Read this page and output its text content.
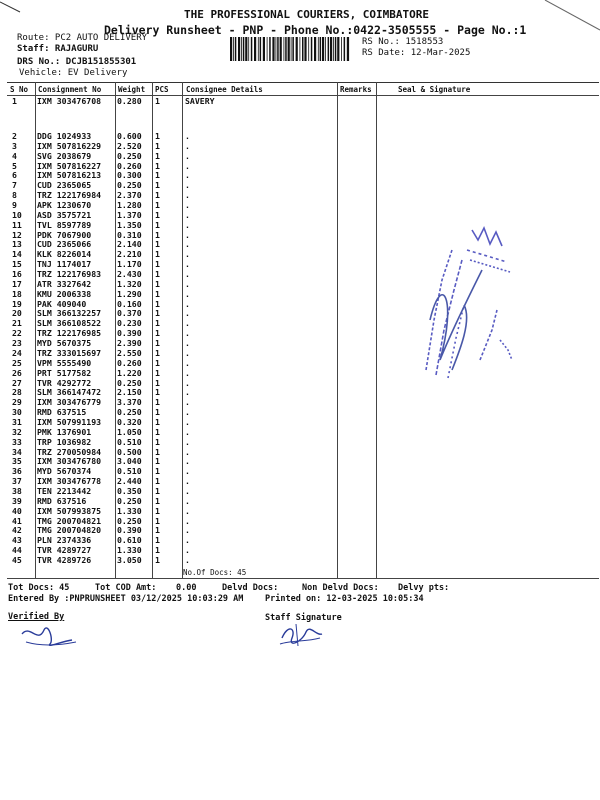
THE PROFESSIONAL COURIERS, COIMBATORE
Delivery Runsheet - PNP - Phone No.:0422-3505555 - Page No.:1
Route: PC2 AUTO DELIVERY
Staff: RAJAGURU
DRS No.: DCJB151855301
Vehicle: EV Delivery
RS No.: 1518553
RS Date: 12-Mar-2025
S No Consignment No Weight PCS Consignee Details	Remarks	Seal & Signature
1 IXM 303476708 0.280 1	SAVERY
2 DDG 1024933	0.600 1	.
3 IXM 507816229 2.520 1	.
4 SVG 2038679	0.250 1	.
5 IXM 507816227 0.260 1	.
6 IXM 507816213 0.300 1	.
7 CUD 2365065	0.250 1	.
8 TRZ 122176984 2.370 1	.
9 APK 1230670	1.280 1	.
10 ASD 3575721	1.370 1	.
11 TVL 8597789	1.350 1	.
12 PDK 7067900	0.310 1	.
13 CUD 2365066	2.140 1	.
14 KLK 8226014	2.210 1	.
15 TNJ 1174017	1.170 1	.
16 TRZ 122176983 2.430 1	.
17 ATR 3327642	1.320 1	.
18 KMU 2006338	1.290 1	.
19 PAK 409040	0.160 1	.
20 SLM 366132257 0.370 1	.
21 SLM 366108522 0.230 1	.
22 TRZ 122176985 0.390 1	.
23 MYD 5670375	2.390 1	.
24 TRZ 333015697 2.550 1	.
25 VPM 5555490	0.260 1	.
26 PRT 5177582	1.220 1	.
27 TVR 4292772	0.250 1	.
28 SLM 366147472 2.150 1	.
29 IXM 303476779 3.370 1	.
30 RMD 637515	0.250 1	.
31 IXM 507991193 0.320 1	.
32 PMK 1376901	1.050 1	.
33 TRP 1036982	0.510 1	.
34 TRZ 270050984 0.500 1	.
35 IXM 303476780 3.040 1	.
36 MYD 5670374	0.510 1	.
37 IXM 303476778 2.440 1	.
38 TEN 2213442	0.350 1	.
39 RMD 637516	0.250 1	.
40 IXM 507993875 1.330 1	.
41 TMG 200704821 0.250 1	.
42 TMG 200704820 0.390 1	.
43 PLN 2374336	0.610 1	.
44 TVR 4289727	1.330 1	.
45 TVR 4289726	3.050 1	.
No.Of Docs: 45
Tot Docs: 45	Tot COD Amt: 0.00	Delvd Docs:	Non Delvd Docs: Delvy pts:
Entered By :PNPRUNSHEET 03/12/2025 10:03:29 AM	Printed on: 12-03-2025 10:05:34
Verified By	Staff Signature
